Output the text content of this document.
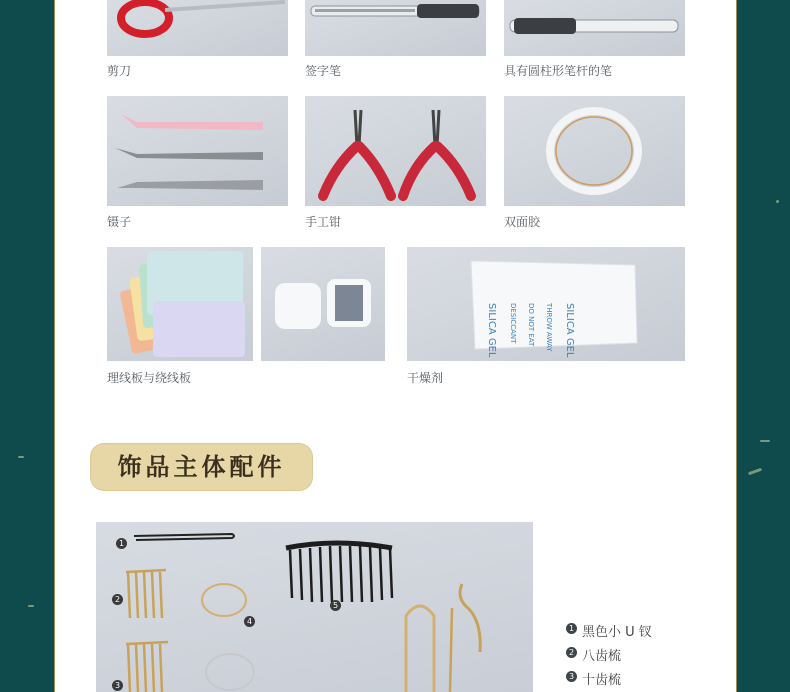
剪刀	签字笔	具有圆柱形笔杆的笔
镊子	手工钳	双面胶
理线板与绕线板
SILICA GEL DESICCANT DO NOT EAT THROW AWAY SILICA GEL
干燥剂
饰品主体配件
1
2
3
4
5
1 黑色小 U 钗
2 八齿梳
3 十齿梳
